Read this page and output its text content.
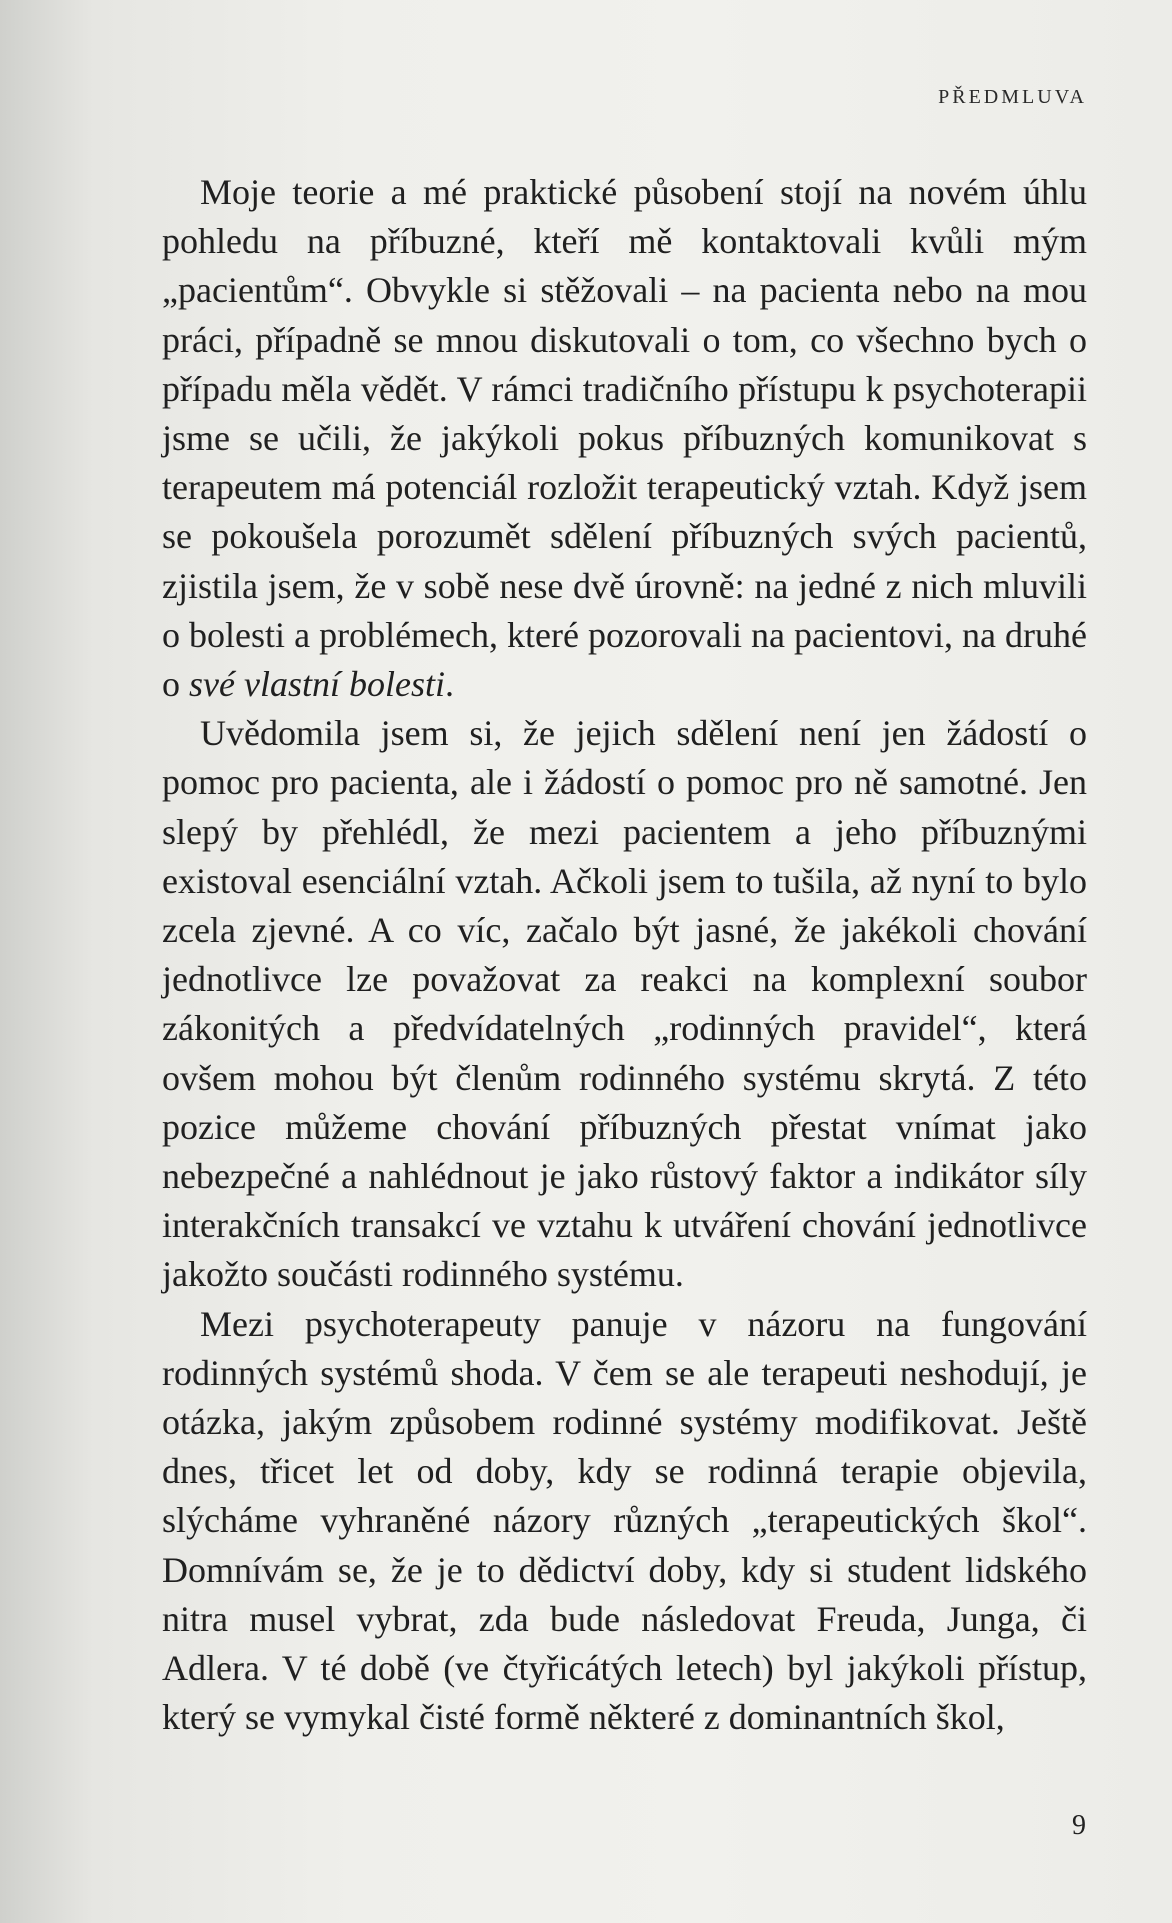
PŘEDMLUVA

Moje teorie a mé praktické působení stojí na novém úhlu pohledu na příbuzné, kteří mě kontaktovali kvůli mým „pacientům“. Obvykle si stěžovali – na pacienta nebo na mou práci, případně se mnou diskutovali o tom, co všechno bych o případu měla vědět. V rámci tradičního přístupu k psychoterapii jsme se učili, že jakýkoli pokus příbuzných komunikovat s terapeutem má potenciál rozložit terapeutický vztah. Když jsem se pokoušela porozumět sdělení příbuzných svých pacientů, zjistila jsem, že v sobě nese dvě úrovně: na jedné z nich mluvili o bolesti a problémech, které pozorovali na pacientovi, na druhé o své vlastní bolesti.

Uvědomila jsem si, že jejich sdělení není jen žádostí o pomoc pro pacienta, ale i žádostí o pomoc pro ně samotné. Jen slepý by přehlédl, že mezi pacientem a jeho příbuznými existoval esenciální vztah. Ačkoli jsem to tušila, až nyní to bylo zcela zjevné. A co víc, začalo být jasné, že jakékoli chování jednotlivce lze považovat za reakci na komplexní soubor zákonitých a předvídatelných „rodinných pravidel“, která ovšem mohou být členům rodinného systému skrytá. Z této pozice můžeme chování příbuzných přestat vnímat jako nebezpečné a nahlédnout je jako růstový faktor a indikátor síly interakčních transakcí ve vztahu k utváření chování jednotlivce jakožto součásti rodinného systému.

Mezi psychoterapeuty panuje v názoru na fungování rodinných systémů shoda. V čem se ale terapeuti neshodují, je otázka, jakým způsobem rodinné systémy modifikovat. Ještě dnes, třicet let od doby, kdy se rodinná terapie objevila, slýcháme vyhraněné názory různých „terapeutických škol“. Domnívám se, že je to dědictví doby, kdy si student lidského nitra musel vybrat, zda bude následovat Freuda, Junga, či Adlera. V té době (ve čtyřicátých letech) byl jakýkoli přístup, který se vymykal čisté formě některé z dominantních škol,

9
